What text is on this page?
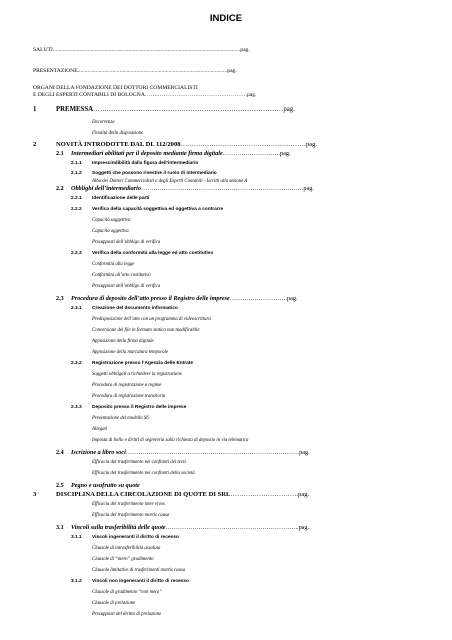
INDICE
SALUTI......................................................................................................................................pag.
PRESENTAZIONE...........................................................................................................pag.
ORGANI DELLA FONDAZIONE DEI DOTTORI COMMERCIALISTI
E DEGLI ESPERTI CONTABILI DI BOLOGNA……………………………………………….pag.
1	PREMESSA…………………………………………………………………………pag.
Decorrenza
Finalità della disposizione
2	NOVITÀ INTRODOTTE DAL DL 112/2008…………………………………………………pag.
2.1 Intermediari abilitati per il deposito mediante firma digitale……………………….pag.
2.1.1 Imprescindibilità dalla figura dell’intermediario
2.1.2 Soggetti che possono rivestire il ruolo di intermediario
Albo dei Dottori Commercialisti e degli Esperti Contabili - Iscritti alla sezione A
2.2 Obblighi dell’intermediario…………………………………………………………………….pag.
2.2.1 Identificazione delle parti
2.2.2 Verifica della capacità soggettiva ed oggettiva a contrarre
Capacità soggettiva
Capacità oggettiva
Presupposti dell’obbligo di verifica
2.2.3 Verifica della conformità alla legge ed atto costitutivo
Conformità alla legge
Conformità all’atto costitutivo
Presupposti dell’obbligo di verifica
2.3 Procedura di deposito dell’atto presso il Registro delle imprese……………………….pag.
2.3.1 Creazione del documento informatico
Predisposizione dell’atto con un programma di videoscrittura
Conversione del file in formato statico non modificabile
Apposizione della firma digitale
Apposizione della marcatura temporale
2.3.2 Registrazione presso l’Agenzia delle Entrate
Soggetti obbligati a richiedere la registrazione
Procedura di registrazione a regime
Procedura di registrazione transitoria
2.3.3 Deposito presso il Registro delle imprese
Presentazione del modello S6
Allegati
Imposta di bollo e diritti di segreteria sulla richiesta di deposito in via telematica
2.4 Iscrizione a libro soci…………………………………………………………………………pag.
Efficacia del trasferimento nei confronti dei terzi
Efficacia del trasferimento nei confronti della società
2.5 Pegno e usufrutto su quote
3	DISCIPLINA DELLA CIRCOLAZIONE DI QUOTE DI SRL………………………….pag.
Efficacia del trasferimento inter vivos
Efficacia del trasferimento mortis causa
3.1 Vincoli sulla trasferibilità delle quote………………………………………………………..pag.
3.1.1 Vincoli ingeneranti il diritto di recesso
Clausole di intrasferibilità assoluta
Clausole di “mero” gradimento
Clausole limitative di trasferimenti mortis causa
3.1.2 Vincoli non ingeneranti il diritto di recesso
Clausole di gradimento “non mero”
Clausole di prelazione
Presupposti del diritto di prelazione
